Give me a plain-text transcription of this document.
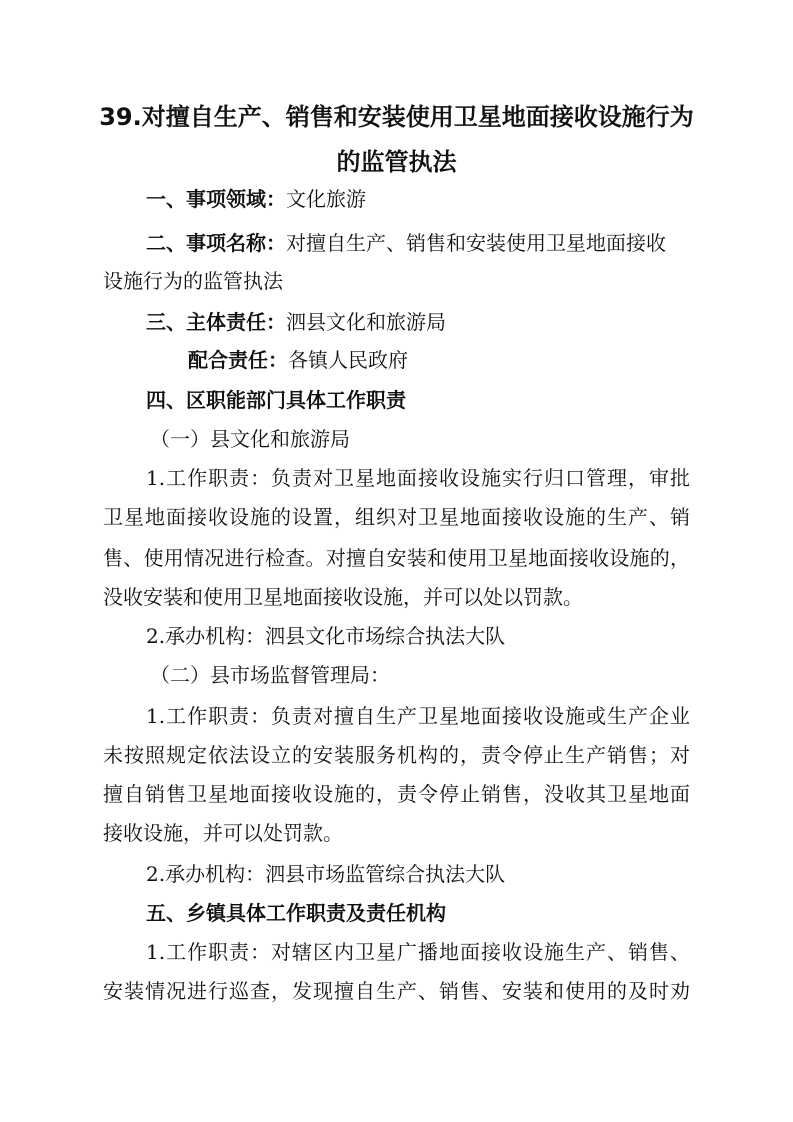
39.对擅自生产、销售和安装使用卫星地面接收设施行为
的监管执法
一、事项领域：文化旅游
二、事项名称：对擅自生产、销售和安装使用卫星地面接收
设施行为的监管执法
三、主体责任：泗县文化和旅游局
配合责任：各镇人民政府
四、区职能部门具体工作职责
（一）县文化和旅游局
1.工作职责：负责对卫星地面接收设施实行归口管理，审批
卫星地面接收设施的设置，组织对卫星地面接收设施的生产、销
售、使用情况进行检查。对擅自安装和使用卫星地面接收设施的，
没收安装和使用卫星地面接收设施，并可以处以罚款。
2.承办机构：泗县文化市场综合执法大队
（二）县市场监督管理局：
1.工作职责：负责对擅自生产卫星地面接收设施或生产企业
未按照规定依法设立的安装服务机构的，责令停止生产销售；对
擅自销售卫星地面接收设施的，责令停止销售，没收其卫星地面
接收设施，并可以处罚款。
2.承办机构：泗县市场监管综合执法大队
五、乡镇具体工作职责及责任机构
1.工作职责：对辖区内卫星广播地面接收设施生产、销售、
安装情况进行巡查，发现擅自生产、销售、安装和使用的及时劝
